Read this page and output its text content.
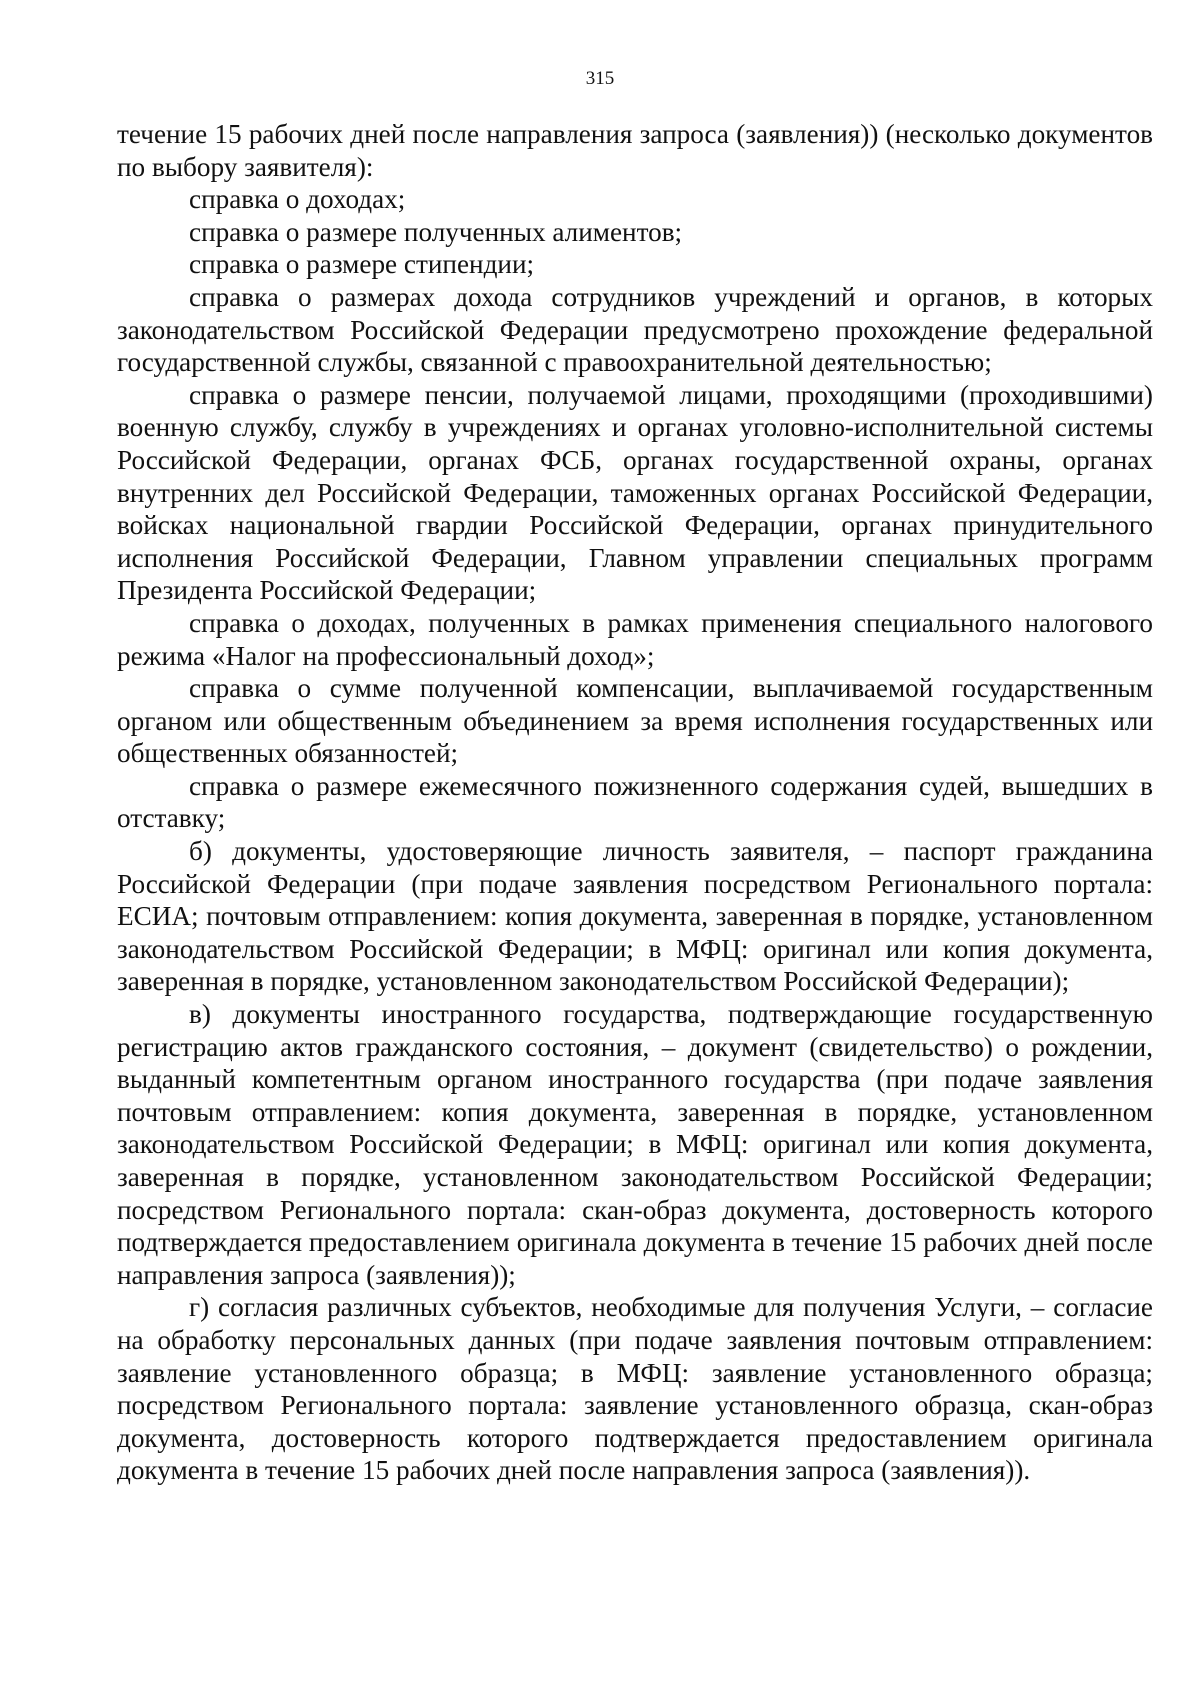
315

течение 15 рабочих дней после направления запроса (заявления)) (несколько документов по выбору заявителя):

справка о доходах;

справка о размере полученных алиментов;

справка о размере стипендии;

справка о размерах дохода сотрудников учреждений и органов, в которых законодательством Российской Федерации предусмотрено прохождение федеральной государственной службы, связанной с правоохранительной деятельностью;

справка о размере пенсии, получаемой лицами, проходящими (проходившими) военную службу, службу в учреждениях и органах уголовно-исполнительной системы Российской Федерации, органах ФСБ, органах государственной охраны, органах внутренних дел Российской Федерации, таможенных органах Российской Федерации, войсках национальной гвардии Российской Федерации, органах принудительного исполнения Российской Федерации, Главном управлении специальных программ Президента Российской Федерации;

справка о доходах, полученных в рамках применения специального налогового режима «Налог на профессиональный доход»;

справка о сумме полученной компенсации, выплачиваемой государственным органом или общественным объединением за время исполнения государственных или общественных обязанностей;

справка о размере ежемесячного пожизненного содержания судей, вышедших в отставку;

б) документы, удостоверяющие личность заявителя, – паспорт гражданина Российской Федерации (при подаче заявления посредством Регионального портала: ЕСИА; почтовым отправлением: копия документа, заверенная в порядке, установленном законодательством Российской Федерации; в МФЦ: оригинал или копия документа, заверенная в порядке, установленном законодательством Российской Федерации);

в) документы иностранного государства, подтверждающие государственную регистрацию актов гражданского состояния, – документ (свидетельство) о рождении, выданный компетентным органом иностранного государства (при подаче заявления почтовым отправлением: копия документа, заверенная в порядке, установленном законодательством Российской Федерации; в МФЦ: оригинал или копия документа, заверенная в порядке, установленном законодательством Российской Федерации; посредством Регионального портала: скан-образ документа, достоверность которого подтверждается предоставлением оригинала документа в течение 15 рабочих дней после направления запроса (заявления));

г) согласия различных субъектов, необходимые для получения Услуги, – согласие на обработку персональных данных (при подаче заявления почтовым отправлением: заявление установленного образца; в МФЦ: заявление установленного образца; посредством Регионального портала: заявление установленного образца, скан-образ документа, достоверность которого подтверждается предоставлением оригинала документа в течение 15 рабочих дней после направления запроса (заявления)).
